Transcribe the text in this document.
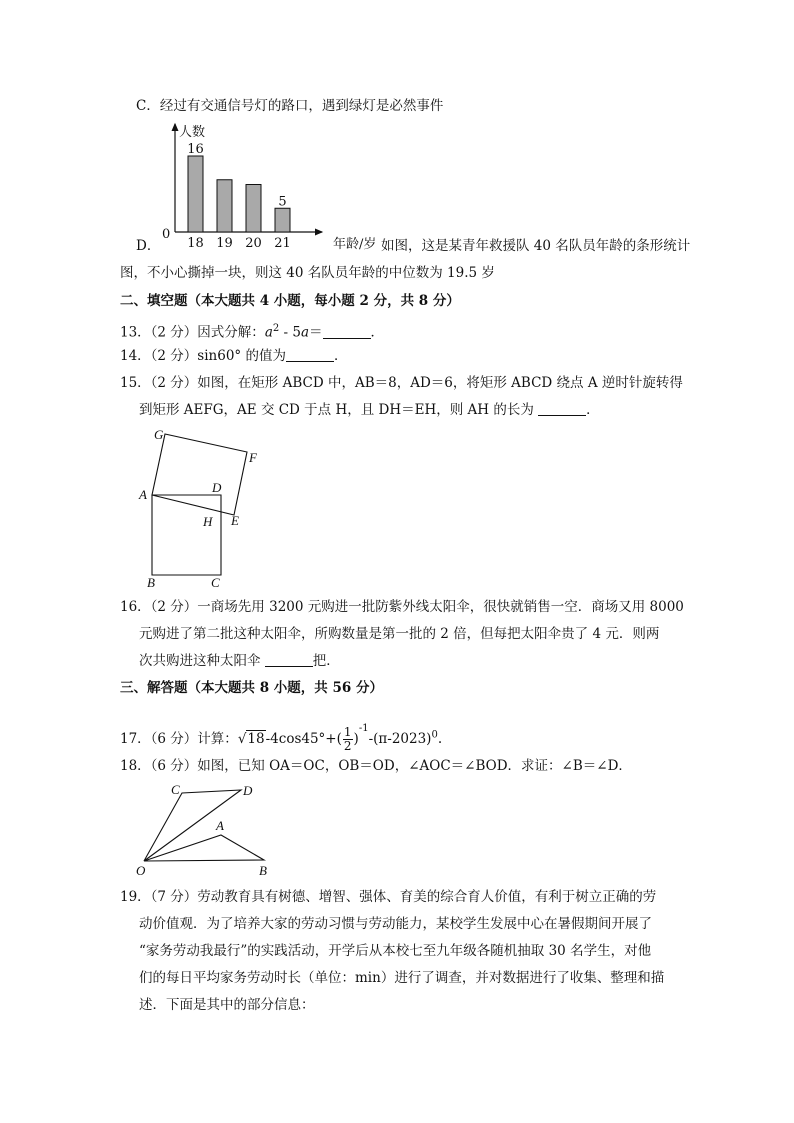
C．经过有交通信号灯的路口，遇到绿灯是必然事件
人数
0
18
16
19 20 21
5
年龄/岁
D．	如图，这是某青年救援队 40 名队员年龄的条形统计
图，不小心撕掉一块，则这 40 名队员年龄的中位数为 19.5 岁
二、填空题（本大题共 4 小题，每小题 2 分，共 8 分）
13．（2 分）因式分解：$a^2 - 5a=$	．
14．（2 分）sin60° 的值为	．
15．（2 分）如图，在矩形 ABCD 中，AB＝8，AD＝6，将矩形 ABCD 绕点 A 逆时针旋转得
到矩形 AEFG，AE 交 CD 于点 H，且 DH＝EH，则 AH 的长为	．
G
F
A	D
H E
B	C
16．（2 分）一商场先用 3200 元购进一批防紫外线太阳伞，很快就销售一空．商场又用 8000
元购进了第二批这种太阳伞，所购数量是第一批的 2 倍，但每把太阳伞贵了 4 元．则两
次共购进这种太阳伞	把．
三、解答题（本大题共 8 小题，共 56 分）
17．（6 分）计算：$√18-4\cos 45^\circ+( \frac{1}{2} )^{-1}-(\pi-2023)^0$.
18．（6 分）如图，已知 OA＝OC，OB＝OD，∠AOC＝∠BOD．求证：∠B＝∠D．
C	D
A
O	B
19．（7 分）劳动教育具有树德、增智、强体、育美的综合育人价值，有利于树立正确的劳
动价值观．为了培养大家的劳动习惯与劳动能力，某校学生发展中心在暑假期间开展了
“家务劳动我最行”的实践活动，开学后从本校七至九年级各随机抽取 30 名学生，对他
们的每日平均家务劳动时长（单位：min）进行了调查，并对数据进行了收集、整理和描
述．下面是其中的部分信息：
